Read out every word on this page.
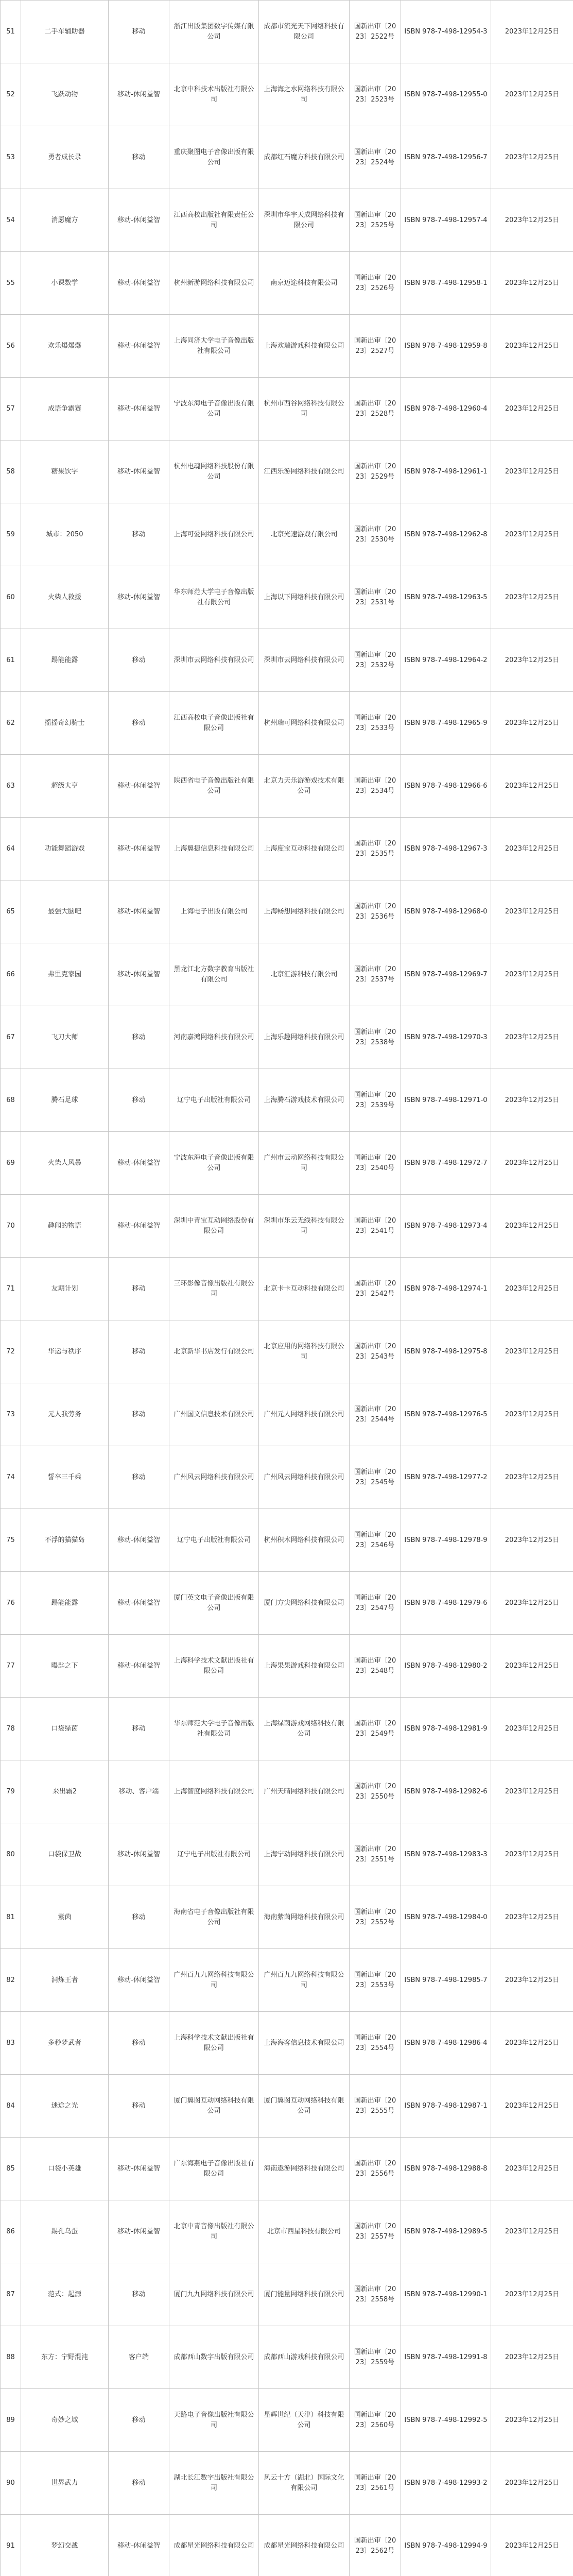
51	二手车辅助器	移动	浙江出版集团数字传媒有限公司	成都市流光天下网络科技有限公司	国新出审〔2023〕2522号	ISBN 978-7-498-12954-3	2023年12月25日
52	飞跃动物	移动-休闲益智	北京中科技术出版社有限公司	上海海之水网络科技有限公司	国新出审〔2023〕2523号	ISBN 978-7-498-12955-0	2023年12月25日
53	勇者成长录	移动	重庆聚图电子音像出版有限公司	成都红石魔方科技有限公司	国新出审〔2023〕2524号	ISBN 978-7-498-12956-7	2023年12月25日
54	消愿魔方	移动-休闲益智	江西高校出版社有限责任公司	深圳市华宇天成网络科技有限公司	国新出审〔2023〕2525号	ISBN 978-7-498-12957-4	2023年12月25日
55	小课数学	移动-休闲益智	杭州新游网络科技有限公司	南京迈途科技有限公司	国新出审〔2023〕2526号	ISBN 978-7-498-12958-1	2023年12月25日
56	欢乐爆爆爆	移动-休闲益智	上海同济大学电子音像出版社有限公司	上海欢瑞游戏科技有限公司	国新出审〔2023〕2527号	ISBN 978-7-498-12959-8	2023年12月25日
57	成语争霸赛	移动-休闲益智	宁波东海电子音像出版有限公司	杭州市西谷网络科技有限公司	国新出审〔2023〕2528号	ISBN 978-7-498-12960-4	2023年12月25日
58	糖果饮字	移动-休闲益智	杭州电魂网络科技股份有限公司	江西乐游网络科技有限公司	国新出审〔2023〕2529号	ISBN 978-7-498-12961-1	2023年12月25日
59	城市：2050	移动	上海可爱网络科技有限公司	北京光速游戏有限公司	国新出审〔2023〕2530号	ISBN 978-7-498-12962-8	2023年12月25日
60	火柴人救援	移动-休闲益智	华东师范大学电子音像出版社有限公司	上海以下网络科技有限公司	国新出审〔2023〕2531号	ISBN 978-7-498-12963-5	2023年12月25日
61	踢能能露	移动	深圳市云网络科技有限公司	深圳市云网络科技有限公司	国新出审〔2023〕2532号	ISBN 978-7-498-12964-2	2023年12月25日
62	摇摇奇幻骑士	移动	江西高校电子音像出版社有限公司	杭州瑞可网络科技有限公司	国新出审〔2023〕2533号	ISBN 978-7-498-12965-9	2023年12月25日
63	超级大亨	移动-休闲益智	陕西省电子音像出版社有限公司	北京力天乐游游戏技术有限公司	国新出审〔2023〕2534号	ISBN 978-7-498-12966-6	2023年12月25日
64	功能舞蹈游戏	移动-休闲益智	上海翼捷信息科技有限公司	上海度宝互动科技有限公司	国新出审〔2023〕2535号	ISBN 978-7-498-12967-3	2023年12月25日
65	最强大脑吧	移动-休闲益智	上海电子出版有限公司	上海畅想网络科技有限公司	国新出审〔2023〕2536号	ISBN 978-7-498-12968-0	2023年12月25日
66	弗里克家园	移动-休闲益智	黑龙江北方数字教育出版社有限公司	北京汇游科技有限公司	国新出审〔2023〕2537号	ISBN 978-7-498-12969-7	2023年12月25日
67	飞刀大师	移动	河南嘉鸿网络科技有限公司	上海乐趣网络科技有限公司	国新出审〔2023〕2538号	ISBN 978-7-498-12970-3	2023年12月25日
68	腾石足球	移动	辽宁电子出版社有限公司	上海腾石游戏技术有限公司	国新出审〔2023〕2539号	ISBN 978-7-498-12971-0	2023年12月25日
69	火柴人风暴	移动-休闲益智	宁波东海电子音像出版有限公司	广州市云动网络科技有限公司	国新出审〔2023〕2540号	ISBN 978-7-498-12972-7	2023年12月25日
70	趣闻的物语	移动-休闲益智	深圳中青宝互动网络股份有限公司	深圳市乐云无线科技有限公司	国新出审〔2023〕2541号	ISBN 978-7-498-12973-4	2023年12月25日
71	友期计划	移动	三环影像音像出版社有限公司	北京卡卡互动科技有限公司	国新出审〔2023〕2542号	ISBN 978-7-498-12974-1	2023年12月25日
72	华运与秩序	移动	北京新华书店发行有限公司	北京应用的网络科技有限公司	国新出审〔2023〕2543号	ISBN 978-7-498-12975-8	2023年12月25日
73	元人我劳务	移动	广州国文信息技术有限公司	广州元人网络科技有限公司	国新出审〔2023〕2544号	ISBN 978-7-498-12976-5	2023年12月25日
74	誓卒三千乘	移动	广州风云网络科技有限公司	广州风云网络科技有限公司	国新出审〔2023〕2545号	ISBN 978-7-498-12977-2	2023年12月25日
75	不浮的猫猫岛	移动-休闲益智	辽宁电子出版社有限公司	杭州积木网络科技有限公司	国新出审〔2023〕2546号	ISBN 978-7-498-12978-9	2023年12月25日
76	踢能能露	移动-休闲益智	厦门英文电子音像出版有限公司	厦门方尖网络科技有限公司	国新出审〔2023〕2547号	ISBN 978-7-498-12979-6	2023年12月25日
77	曝匙之下	移动-休闲益智	上海科学技术文献出版社有限公司	上海果果游戏科技有限公司	国新出审〔2023〕2548号	ISBN 978-7-498-12980-2	2023年12月25日
78	口袋绿茵	移动	华东师范大学电子音像出版社有限公司	上海绿茵游戏网络科技有限公司	国新出审〔2023〕2549号	ISBN 978-7-498-12981-9	2023年12月25日
79	来出霸2	移动、客户端	上海智度网络科技有限公司	广州天晴网络科技有限公司	国新出审〔2023〕2550号	ISBN 978-7-498-12982-6	2023年12月25日
80	口袋保卫战	移动-休闲益智	辽宁电子出版社有限公司	上海宁动网络科技有限公司	国新出审〔2023〕2551号	ISBN 978-7-498-12983-3	2023年12月25日
81	紫茵	移动	海南省电子音像出版社有限公司	海南紫茵网络科技有限公司	国新出审〔2023〕2552号	ISBN 978-7-498-12984-0	2023年12月25日
82	洞炼王者	移动-休闲益智	广州百九九网络科技有限公司	广州百九九网络科技有限公司	国新出审〔2023〕2553号	ISBN 978-7-498-12985-7	2023年12月25日
83	多秒梦武者	移动	上海科学技术文献出版社有限公司	上海海客信息技术有限公司	国新出审〔2023〕2554号	ISBN 978-7-498-12986-4	2023年12月25日
84	迷途之光	移动	厦门翼图互动网络科技有限公司	厦门翼图互动网络科技有限公司	国新出审〔2023〕2555号	ISBN 978-7-498-12987-1	2023年12月25日
85	口袋小英雄	移动-休闲益智	广东海燕电子音像出版社有限公司	海南遨游网络科技有限公司	国新出审〔2023〕2556号	ISBN 978-7-498-12988-8	2023年12月25日
86	踢孔乌蛋	移动-休闲益智	北京中青音像出版社有限公司	北京市西星科技有限公司	国新出审〔2023〕2557号	ISBN 978-7-498-12989-5	2023年12月25日
87	范式：起源	移动	厦门九九网络科技有限公司	厦门能量网络科技有限公司	国新出审〔2023〕2558号	ISBN 978-7-498-12990-1	2023年12月25日
88	东方：宁野混沌	客户端	成都西山数字出版有限公司	成都西山游戏科技有限公司	国新出审〔2023〕2559号	ISBN 978-7-498-12991-8	2023年12月25日
89	奇妙之域	移动	天路电子音像出版社有限公司	星辉世纪（天津）科技有限公司	国新出审〔2023〕2560号	ISBN 978-7-498-12992-5	2023年12月25日
90	世界武力	移动	湖北长江数字出版社有限公司	风云十方（湖北）国际文化有限公司	国新出审〔2023〕2561号	ISBN 978-7-498-12993-2	2023年12月25日
91	梦幻交战	移动-休闲益智	成都星光网络科技有限公司	成都星光网络科技有限公司	国新出审〔2023〕2562号	ISBN 978-7-498-12994-9	2023年12月25日
